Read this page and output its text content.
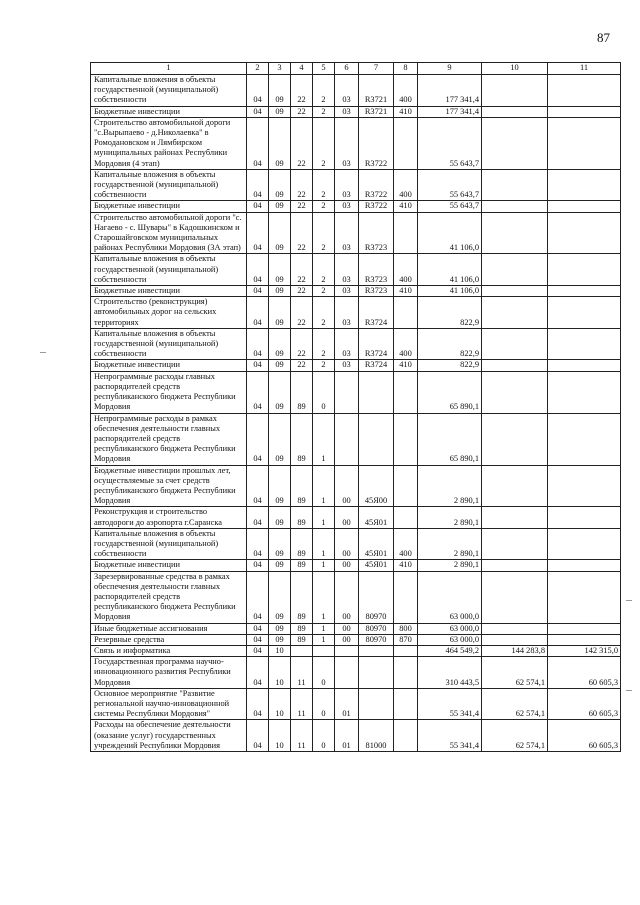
87
1	2	3	4	5	6	7	8	9	10	11
Капитальные вложения в объекты государственной (муниципальной) собственности	04	09	22	2	03	R3721	400	177 341,4		
Бюджетные инвестиции	04	09	22	2	03	R3721	410	177 341,4		
Строительство автомобильной дороги "с.Вырыпаево - д.Николаевка" в Ромодановском и Лямбирском муниципальных районах Республики Мордовия (4 этап)	04	09	22	2	03	R3722		55 643,7		
Капитальные вложения в объекты государственной (муниципальной) собственности	04	09	22	2	03	R3722	400	55 643,7		
Бюджетные инвестиции	04	09	22	2	03	R3722	410	55 643,7		
Строительство автомобильной дороги "с. Нагаево - с. Шувары" в Кадошкинском и Старошайговском муниципальных районах Республики Мордовия (3А этап)	04	09	22	2	03	R3723		41 106,0		
Капитальные вложения в объекты государственной (муниципальной) собственности	04	09	22	2	03	R3723	400	41 106,0		
Бюджетные инвестиции	04	09	22	2	03	R3723	410	41 106,0		
Строительство (реконструкция) автомобильных дорог на сельских территориях	04	09	22	2	03	R3724		822,9		
Капитальные вложения в объекты государственной (муниципальной) собственности	04	09	22	2	03	R3724	400	822,9		
Бюджетные инвестиции	04	09	22	2	03	R3724	410	822,9		
Непрограммные расходы главных распорядителей средств республиканского бюджета Республики Мордовия	04	09	89	0				65 890,1		
Непрограммные расходы в рамках обеспечения деятельности главных распорядителей средств республиканского бюджета Республики Мордовия	04	09	89	1				65 890,1		
Бюджетные инвестиции прошлых лет, осуществляемые за счет средств республиканского бюджета Республики Мордовия	04	09	89	1	00	45Я00		2 890,1		
Реконструкция и строительство автодороги до аэропорта г.Саранска	04	09	89	1	00	45Я01		2 890,1		
Капитальные вложения в объекты государственной (муниципальной) собственности	04	09	89	1	00	45Я01	400	2 890,1		
Бюджетные инвестиции	04	09	89	1	00	45Я01	410	2 890,1		
Зарезервированные средства в рамках обеспечения деятельности главных распорядителей средств республиканского бюджета Республики Мордовия	04	09	89	1	00	80970		63 000,0		
Иные бюджетные ассигнования	04	09	89	1	00	80970	800	63 000,0		
Резервные средства	04	09	89	1	00	80970	870	63 000,0		
Связь и информатика	04	10						464 549,2	144 283,8	142 315,0
Государственная программа научно-инновационного развития Республики Мордовия	04	10	11	0				310 443,5	62 574,1	60 605,3
Основное мероприятие "Развитие региональной научно-инновационной системы Республики Мордовия"	04	10	11	0	01			55 341,4	62 574,1	60 605,3
Расходы на обеспечение деятельности (оказание услуг) государственных учреждений Республики Мордовия	04	10	11	0	01	81000		55 341,4	62 574,1	60 605,3
